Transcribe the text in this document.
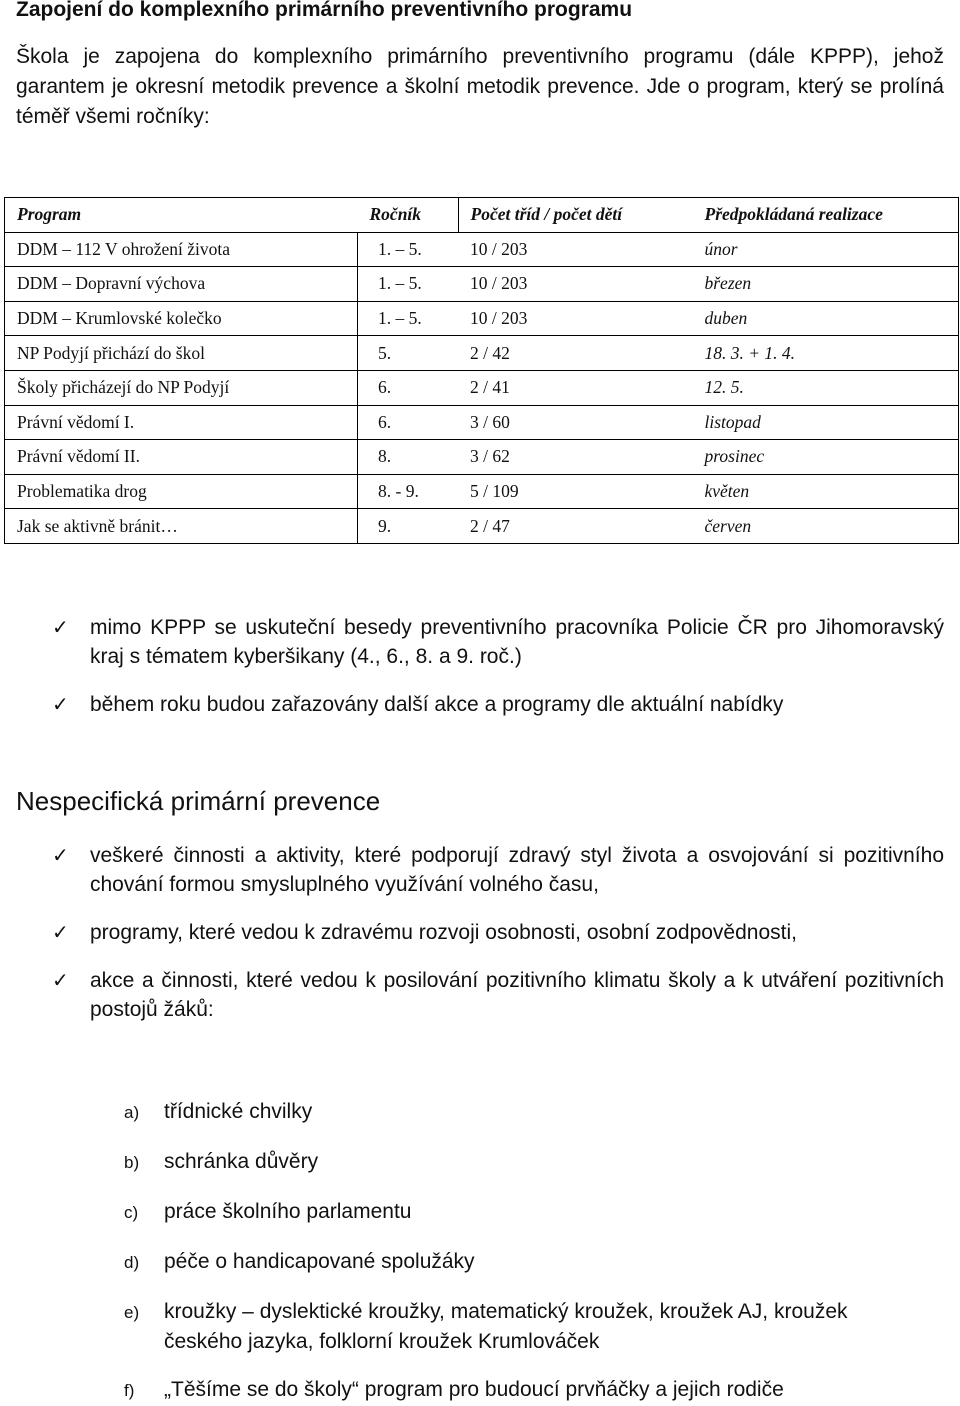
Zapojení do komplexního primárního preventivního programu
Škola je zapojena do komplexního primárního preventivního programu (dále KPPP), jehož garantem je okresní metodik prevence a školní metodik prevence. Jde o program, který se prolíná téměř všemi ročníky:
Program	Ročník	Počet tříd / počet dětí	Předpokládaná realizace
DDM – 112 V ohrožení života	1. – 5.	10 / 203	únor
DDM – Dopravní výchova	1. – 5.	10 / 203	březen
DDM – Krumlovské kolečko	1. – 5.	10 / 203	duben
NP Podyjí přichází do škol	5.	2 / 42	18. 3. + 1. 4.
Školy přicházejí do NP Podyjí	6.	2 / 41	12. 5.
Právní vědomí I.	6.	3 / 60	listopad
Právní vědomí II.	8.	3 / 62	prosinec
Problematika drog	8. - 9.	5 / 109	květen
Jak se aktivně bránit…	9.	2 / 47	červen
✓ mimo KPPP se uskuteční besedy preventivního pracovníka Policie ČR pro Jihomoravský kraj s tématem kyberšikany (4., 6., 8. a 9. roč.)
✓ během roku budou zařazovány další akce a programy dle aktuální nabídky
Nespecifická primární prevence
✓ veškeré činnosti a aktivity, které podporují zdravý styl života a osvojování si pozitivního chování formou smysluplného využívání volného času,
✓ programy, které vedou k zdravému rozvoji osobnosti, osobní zodpovědnosti,
✓ akce a činnosti, které vedou k posilování pozitivního klimatu školy a k utváření pozitivních postojů žáků:
a) třídnické chvilky
b) schránka důvěry
c) práce školního parlamentu
d) péče o handicapované spolužáky
e) kroužky – dyslektické kroužky, matematický kroužek, kroužek AJ, kroužek českého jazyka, folklorní kroužek Krumlováček
f) „Těšíme se do školy“ program pro budoucí prvňáčky a jejich rodiče
